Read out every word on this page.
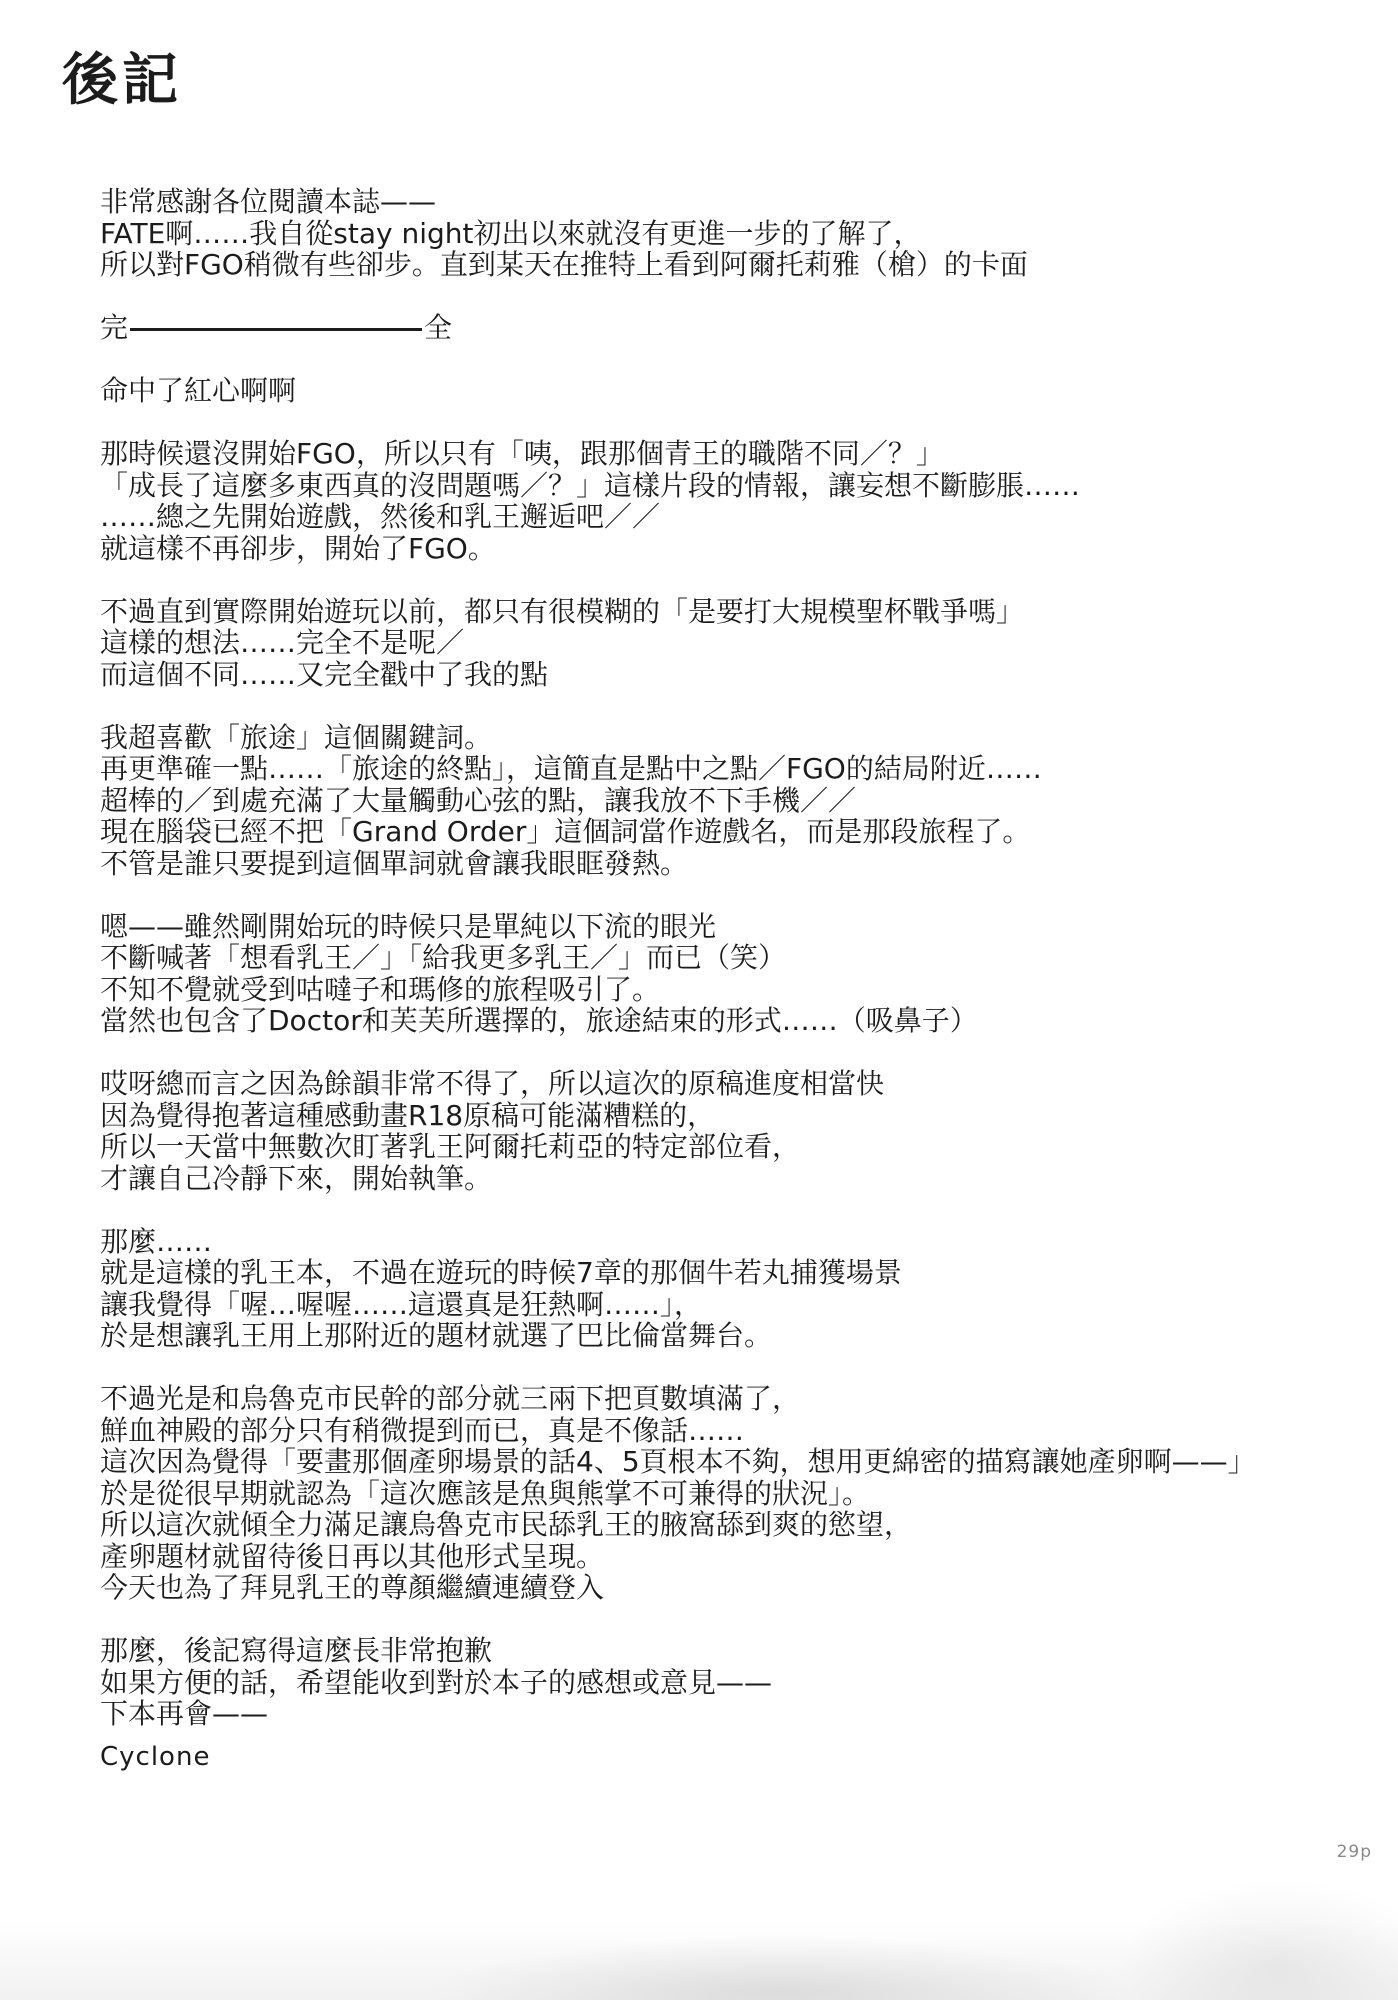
後記
非常感謝各位閱讀本誌——
FATE啊……我自從stay night初出以來就沒有更進一步的了解了，
所以對FGO稍微有些卻步。直到某天在推特上看到阿爾托莉雅（槍）的卡面
完	全
命中了紅心啊啊
那時候還沒開始FGO，所以只有「咦，跟那個青王的職階不同／？」
「成長了這麼多東西真的沒問題嗎／？」這樣片段的情報，讓妄想不斷膨脹……
……總之先開始遊戲，然後和乳王邂逅吧／／
就這樣不再卻步，開始了FGO。
不過直到實際開始遊玩以前，都只有很模糊的「是要打大規模聖杯戰爭嗎」
這樣的想法……完全不是呢／
而這個不同……又完全戳中了我的點
我超喜歡「旅途」這個關鍵詞。
再更準確一點……「旅途的終點」，這簡直是點中之點／FGO的結局附近……
超棒的／到處充滿了大量觸動心弦的點，讓我放不下手機／／
現在腦袋已經不把「Grand Order」這個詞當作遊戲名，而是那段旅程了。
不管是誰只要提到這個單詞就會讓我眼眶發熱。
嗯——雖然剛開始玩的時候只是單純以下流的眼光
不斷喊著「想看乳王／」「給我更多乳王／」而已（笑）
不知不覺就受到咕噠子和瑪修的旅程吸引了。
當然也包含了Doctor和芙芙所選擇的，旅途結束的形式……（吸鼻子）
哎呀總而言之因為餘韻非常不得了，所以這次的原稿進度相當快
因為覺得抱著這種感動畫R18原稿可能滿糟糕的，
所以一天當中無數次盯著乳王阿爾托莉亞的特定部位看，
才讓自己冷靜下來，開始執筆。
那麼……
就是這樣的乳王本，不過在遊玩的時候7章的那個牛若丸捕獲場景
讓我覺得「喔…喔喔……這還真是狂熱啊……」，
於是想讓乳王用上那附近的題材就選了巴比倫當舞台。
不過光是和烏魯克市民幹的部分就三兩下把頁數填滿了，
鮮血神殿的部分只有稍微提到而已，真是不像話……
這次因為覺得「要畫那個產卵場景的話4、5頁根本不夠，想用更綿密的描寫讓她產卵啊——」
於是從很早期就認為「這次應該是魚與熊掌不可兼得的狀況」。
所以這次就傾全力滿足讓烏魯克市民舔乳王的腋窩舔到爽的慾望，
產卵題材就留待後日再以其他形式呈現。
今天也為了拜見乳王的尊顏繼續連續登入
那麼，後記寫得這麼長非常抱歉
如果方便的話，希望能收到對於本子的感想或意見——
下本再會——
Cyclone
29p
